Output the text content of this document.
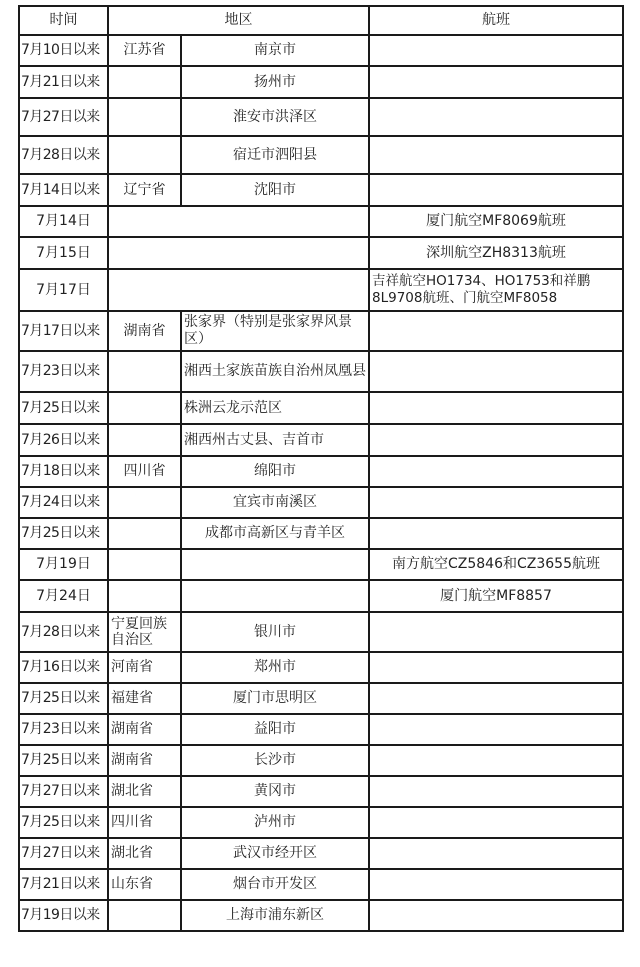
时间	地区		航班
7月10日以来	江苏省	南京市	
7月21日以来		扬州市	
7月27日以来		淮安市洪泽区	
7月28日以来		宿迁市泗阳县	
7月14日以来	辽宁省	沈阳市	
7月14日			厦门航空MF8069航班
7月15日			深圳航空ZH8313航班
7月17日			吉祥航空HO1734、HO1753和祥鹏8L9708航班、门航空MF8058
7月17日以来	湖南省	张家界（特别是张家界风景区）	
7月23日以来		湘西土家族苗族自治州凤凰县	
7月25日以来		株洲云龙示范区	
7月26日以来		湘西州古丈县、吉首市	
7月18日以来	四川省	绵阳市	
7月24日以来		宜宾市南溪区	
7月25日以来		成都市高新区与青羊区	
7月19日			南方航空CZ5846和CZ3655航班
7月24日			厦门航空MF8857
7月28日以来	宁夏回族自治区	银川市	
7月16日以来	河南省	郑州市	
7月25日以来	福建省	厦门市思明区	
7月23日以来	湖南省	益阳市	
7月25日以来	湖南省	长沙市	
7月27日以来	湖北省	黄冈市	
7月25日以来	四川省	泸州市	
7月27日以来	湖北省	武汉市经开区	
7月21日以来	山东省	烟台市开发区	
7月19日以来		上海市浦东新区	
